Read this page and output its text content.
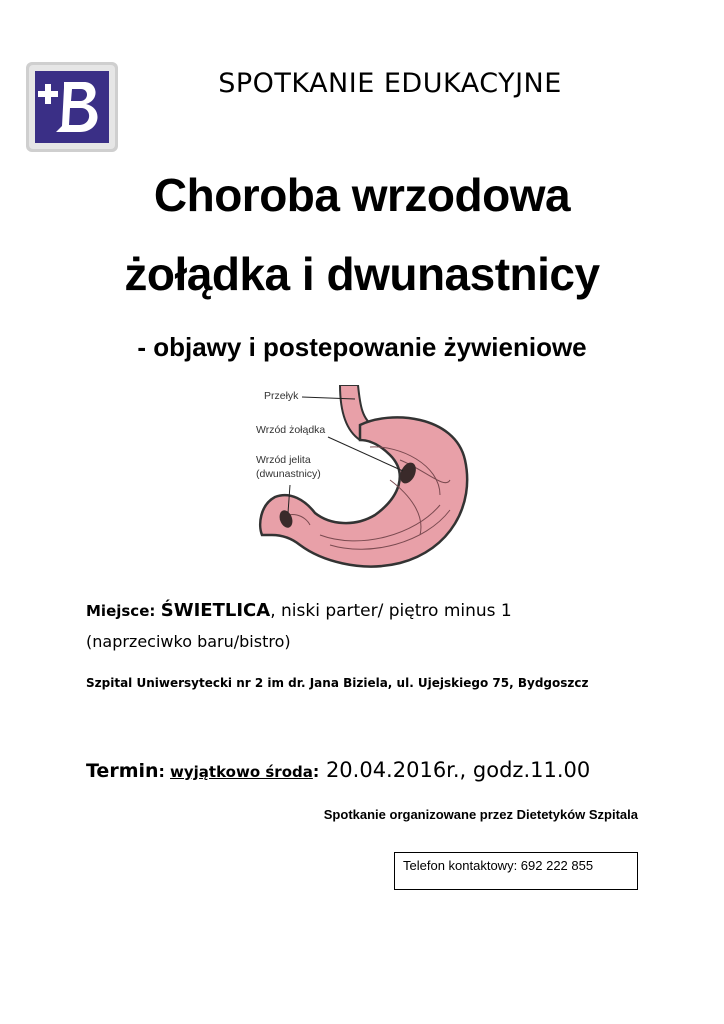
SPOTKANIE EDUKACYJNE
Choroba wrzodowa
żołądka i dwunastnicy
- objawy i postepowanie żywieniowe
Przełyk
Wrzód żołądka
Wrzód jelita
(dwunastnicy)
Miejsce: ŚWIETLICA, niski parter/ piętro minus 1
(naprzeciwko baru/bistro)
Szpital Uniwersytecki nr 2 im dr. Jana Biziela, ul. Ujejskiego 75, Bydgoszcz
Termin: wyjątkowo środa: 20.04.2016r., godz.11.00
Spotkanie organizowane przez Dietetyków Szpitala
Telefon kontaktowy: 692 222 855
